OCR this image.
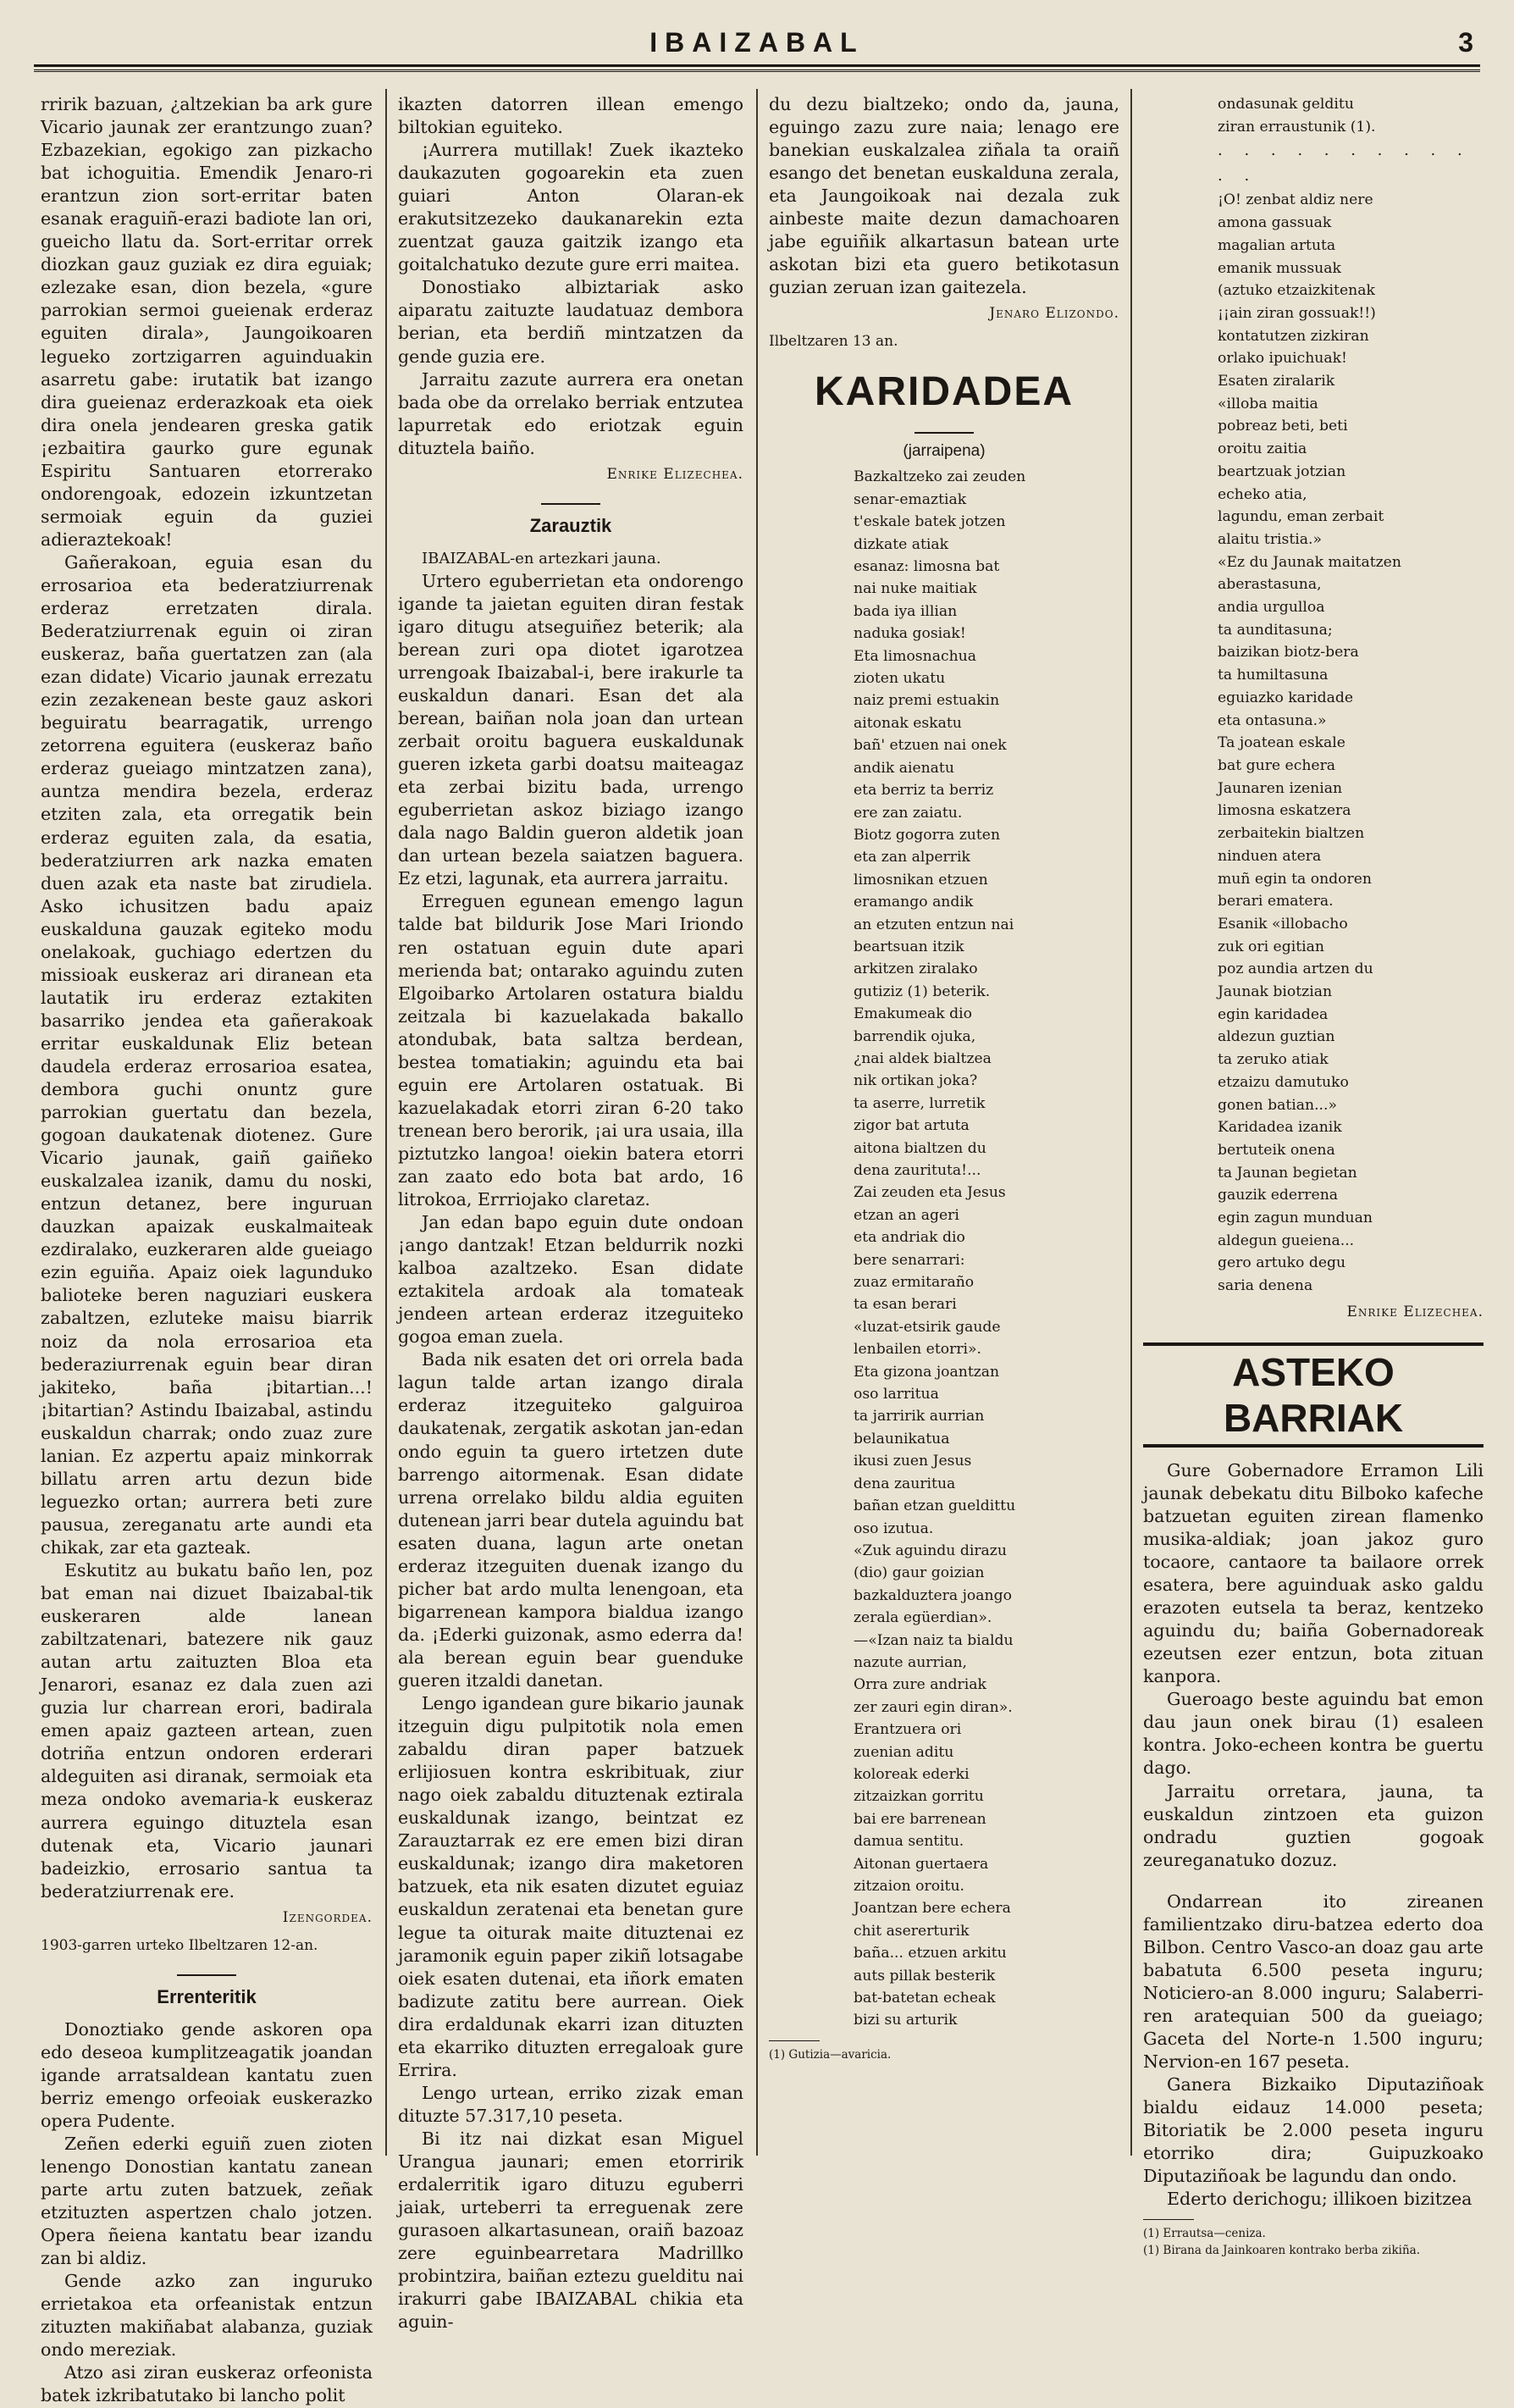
IBAIZABAL	3

rririk bazuan, ¿altzekian ba ark gure Vicario jaunak zer erantzungo zuan? Ezbazekian, egokigo zan pizkacho bat ichoguitia. Emendik Jenaro-ri erantzun zion sort-erritar baten esanak eraguiñ-erazi badiote lan ori, gueicho llatu da. Sort-erritar orrek diozkan gauz guziak ez dira eguiak; ezlezake esan, dion bezela, «gure parrokian sermoi gueienak erderaz eguiten dirala», Jaungoikoaren legueko zortzigarren aguinduakin asarretu gabe: irutatik bat izango dira gueienaz erderazkoak eta oiek dira onela jendearen greska gatik ¡ezbaitira gaurko gure egunak Espiritu Santuaren etorrerako ondorengoak, edozein izkuntzetan sermoiak eguin da guziei adieraztekoak!

Gañerakoan, eguia esan du errosarioa eta bederatziurrenak erderaz erretzaten dirala. Bederatziurrenak eguin oi ziran euskeraz, baña guertatzen zan (ala ezan didate) Vicario jaunak errezatu ezin zezakenean beste gauz askori beguiratu bearragatik, urrengo zetorrena eguitera (euskeraz baño erderaz gueiago mintzatzen zana), auntza mendira bezela, erderaz etziten zala, eta orregatik bein erderaz eguiten zala, da esatia, bederatziurren ark nazka ematen duen azak eta naste bat zirudiela. Asko ichusitzen badu apaiz euskalduna gauzak egiteko modu onelakoak, guchiago edertzen du missioak euskeraz ari diranean eta lautatik iru erderaz eztakiten basarriko jendea eta gañerakoak erritar euskaldunak Eliz betean daudela erderaz errosarioa esatea, dembora guchi onuntz gure parrokian guertatu dan bezela, gogoan daukatenak diotenez. Gure Vicario jaunak, gaiñ gaiñeko euskalzalea izanik, damu du noski, entzun detanez, bere inguruan dauzkan apaizak euskalmaiteak ezdiralako, euzkeraren alde gueiago ezin eguiña. Apaiz oiek lagunduko balioteke beren naguziari euskera zabaltzen, ezluteke maisu biarrik noiz da nola errosarioa eta bederaziurrenak eguin bear diran jakiteko, baña ¡bitartian...! ¡bitartian? Astindu Ibaizabal, astindu euskaldun charrak; ondo zuaz zure lanian. Ez azpertu apaiz minkorrak billatu arren artu dezun bide leguezko ortan; aurrera beti zure pausua, zereganatu arte aundi eta chikak, zar eta gazteak.

Eskutitz au bukatu baño len, poz bat eman nai dizuet Ibaizabal-tik euskeraren alde lanean zabiltzatenari, batezere nik gauz autan artu zaituzten Bloa eta Jenarori, esanaz ez dala zuen azi guzia lur charrean erori, badirala emen apaiz gazteen artean, zuen dotriña entzun ondoren erderari aldeguiten asi diranak, sermoiak eta meza ondoko avemaria-k euskeraz aurrera eguingo dituztela esan dutenak eta, Vicario jaunari badeizkio, errosario santua ta bederatziurrenak ere.

Izengordea.

1903-garren urteko Ilbeltzaren 12-an.

Errenteritik

Donoztiako gende askoren opa edo deseoa kumplitzeagatik joandan igande arratsaldean kantatu zuen berriz emengo orfeoiak euskerazko opera Pudente.

Zeñen ederki eguiñ zuen zioten lenengo Donostian kantatu zanean parte artu zuten batzuek, zeñak etzituzten aspertzen chalo jotzen. Opera ñeiena kantatu bear izandu zan bi aldiz.

Gende azko zan inguruko errietakoa eta orfeanistak entzun zituzten makiñabat alabanza, guziak ondo mereziak.

Atzo asi ziran euskeraz orfeonista batek izkribatutako bi lancho polit

ikazten datorren illean emengo biltokian eguiteko.

¡Aurrera mutillak! Zuek ikazteko daukazuten gogoarekin eta zuen guiari Anton Olaran-ek erakutsitzezeko daukanarekin ezta zuentzat gauza gaitzik izango eta goitalchatuko dezute gure erri maitea.

Donostiako albiztariak asko aiparatu zaituzte laudatuaz dembora berian, eta berdiñ mintzatzen da gende guzia ere.

Jarraitu zazute aurrera era onetan bada obe da orrelako berriak entzutea lapurretak edo eriotzak eguin dituztela baiño.

Enrike Elizechea.

Zarauztik

IBAIZABAL-en artezkari jauna.

Urtero eguberrietan eta ondorengo igande ta jaietan eguiten diran festak igaro ditugu atseguiñez beterik; ala berean zuri opa diotet igarotzea urrengoak Ibaizabal-i, bere irakurle ta euskaldun danari. Esan det ala berean, baiñan nola joan dan urtean zerbait oroitu baguera euskaldunak gueren izketa garbi doatsu maiteagaz eta zerbai bizitu bada, urrengo eguberrietan askoz biziago izango dala nago Baldin gueron aldetik joan dan urtean bezela saiatzen baguera. Ez etzi, lagunak, eta aurrera jarraitu.

Erreguen egunean emengo lagun talde bat bildurik Jose Mari Iriondo ren ostatuan eguin dute apari merienda bat; ontarako aguindu zuten Elgoibarko Artolaren ostatura bialdu zeitzala bi kazuelakada bakallo atondubak, bata saltza berdean, bestea tomatiakin; aguindu eta bai eguin ere Artolaren ostatuak. Bi kazuelakadak etorri ziran 6-20 tako trenean bero berorik, ¡ai ura usaia, illa piztutzko langoa! oiekin batera etorri zan zaato edo bota bat ardo, 16 litrokoa, Errriojako claretaz.

Jan edan bapo eguin dute ondoan ¡ango dantzak! Etzan beldurrik nozki kalboa azaltzeko. Esan didate eztakitela ardoak ala tomateak jendeen artean erderaz itzeguiteko gogoa eman zuela.

Bada nik esaten det ori orrela bada lagun talde artan izango dirala erderaz itzeguiteko galguiroa daukatenak, zergatik askotan jan-edan ondo eguin ta guero irtetzen dute barrengo aitormenak. Esan didate urrena orrelako bildu aldia eguiten dutenean jarri bear dutela aguindu bat esaten duana, lagun arte onetan erderaz itzeguiten duenak izango du picher bat ardo multa lenengoan, eta bigarrenean kampora bialdua izango da. ¡Ederki guizonak, asmo ederra da! ala berean eguin bear guenduke gueren itzaldi danetan.

Lengo igandean gure bikario jaunak itzeguin digu pulpitotik nola emen zabaldu diran paper batzuek erlijiosuen kontra eskribituak, ziur nago oiek zabaldu dituztenak eztirala euskaldunak izango, beintzat ez Zarauztarrak ez ere emen bizi diran euskaldunak; izango dira maketoren batzuek, eta nik esaten dizutet eguiaz euskaldun zeratenai eta benetan gure legue ta oiturak maite dituztenai ez jaramonik eguin paper zikiñ lotsagabe oiek esaten dutenai, eta iñork ematen badizute zatitu bere aurrean. Oiek dira erdaldunak ekarri izan dituzten eta ekarriko dituzten erregaloak gure Errira.

Lengo urtean, erriko zizak eman dituzte 57.317,10 peseta.

Bi itz nai dizkat esan Miguel Urangua jaunari; emen etorririk erdalerritik igaro dituzu eguberri jaiak, urteberri ta erreguenak zere gurasoen alkartasunean, oraiñ bazoaz zere eguinbearretara Madrillko probintzira, baiñan eztezu guelditu nai irakurri gabe IBAIZABAL chikia eta aguin-

du dezu bialtzeko; ondo da, jauna, eguingo zazu zure naia; lenago ere banekian euskalzalea ziñala ta oraiñ esango det benetan euskalduna zerala, eta Jaungoikoak nai dezala zuk ainbeste maite dezun damachoaren jabe eguiñik alkartasun batean urte askotan bizi eta guero betikotasun guzian zeruan izan gaitezela.

Jenaro Elizondo.

Ilbeltzaren 13 an.

KARIDADEA

(jarraipena)

Bazkaltzeko zai zeuden
senar-emaztiak
t'eskale batek jotzen
dizkate atiak
esanaz: limosna bat
nai nuke maitiak
bada iya illian
naduka gosiak!
Eta limosnachua
zioten ukatu
naiz premi estuakin
aitonak eskatu
bañ' etzuen nai onek
andik aienatu
eta berriz ta berriz
ere zan zaiatu.
Biotz gogorra zuten
eta zan alperrik
limosnikan etzuen
eramango andik
an etzuten entzun nai
beartsuan itzik
arkitzen ziralako
gutiziz (1) beterik.
Emakumeak dio
barrendik ojuka,
¿nai aldek bialtzea
nik ortikan joka?
ta aserre, lurretik
zigor bat artuta
aitona bialtzen du
dena zaurituta!...
Zai zeuden eta Jesus
etzan an ageri
eta andriak dio
bere senarrari:
zuaz ermitarañо
ta esan berari
«luzat-etsirik gaude
lenbailen etorri».
Eta gizona joantzan
oso larritua
ta jarririk aurrian
belaunikatua
ikusi zuen Jesus
dena zauritua
bañan etzan gueldittu
oso izutua.
«Zuk aguindu dirazu
(dio) gaur goizian
bazkalduztera joango
zerala egüerdian».
—«Izan naiz ta bialdu
nazute aurrian,
Orra zure andriak
zer zauri egin diran».
Erantzuera ori
zuenian aditu
koloreak ederki
zitzaizkan gorritu
bai ere barrenean
damua sentitu.
Aitonan guertaera
zitzaion oroitu.
Joantzan bere echera
chit asererturik
baña... etzuen arkitu
auts pillak besterik
bat-batetan echeak
bizi su arturik

(1) Gutizia—avaricia.

ondasunak gelditu
ziran erraustunik (1).
. . . . . . . . . . . .
¡O! zenbat aldiz nere
amona gassuak
magalian artuta
emanik mussuak
(aztuko etzaizkitenak
¡¡ain ziran gossuak!!)
kontatutzen zizkiran
orlako ipuichuak!
Esaten ziralarik
«illoba maitia
pobreaz beti, beti
oroitu zaitia
beartzuak jotzian
echeko atia,
lagundu, eman zerbait
alaitu tristia.»
«Ez du Jaunak maitatzen
aberastasuna,
andia urgulloa
ta aunditasuna;
baizikan biotz-bera
ta humiltasuna
eguiazko karidade
eta ontasuna.»
Ta joatean eskale
bat gure echera
Jaunaren izenian
limosna eskatzera
zerbaitekin bialtzen
ninduen atera
muñ egin ta ondoren
berari ematera.
Esanik «illobacho
zuk ori egitian
poz aundia artzen du
Jaunak biotzian
egin karidadea
aldezun guztian
ta zeruko atiak
etzaizu damutuko
gonen batian...»
Karidadea izanik
bertuteik onena
ta Jaunan begietan
gauzik ederrena
egin zagun munduan
aldegun gueiena...
gero artuko degu
saria denena

Enrike Elizechea.

ASTEKO BARRIAK

Gure Gobernadore Erramon Lili jaunak debekatu ditu Bilboko kafeche batzuetan eguiten zirean flamenko musika-aldiak; joan jakoz guro tocaore, cantaore ta bailaore orrek esatera, bere aguinduak asko galdu erazoten eutsela ta beraz, kentzeko aguindu du; baiña Gobernadoreak ezeutsen ezer entzun, bota zituan kanpora.

Gueroago beste aguindu bat emon dau jaun onek birau (1) esaleen kontra. Joko-echeen kontra be guertu dago.

Jarraitu orretara, jauna, ta euskaldun zintzoen eta guizon ondradu guztien gogoak zeureganatuko dozuz.

Ondarrean ito zireanen familientzako diru-batzea ederto doa Bilbon. Centro Vasco-an doaz gau arte babatuta 6.500 peseta inguru; Noticiero-an 8.000 inguru; Salaberri-ren aratequian 500 da gueiago; Gaceta del Norte-n 1.500 inguru; Nervion-en 167 peseta.

Ganera Bizkaiko Diputaziñoak bialdu eidauz 14.000 peseta; Bitoriatik be 2.000 peseta inguru etorriko dira; Guipuzkoako Diputaziñoak be lagundu dan ondo.

Ederto derichogu; illikoen bizitzea

(1) Errautsa—ceniza.

(1) Birana da Jainkoaren kontrako berba zikiña.
